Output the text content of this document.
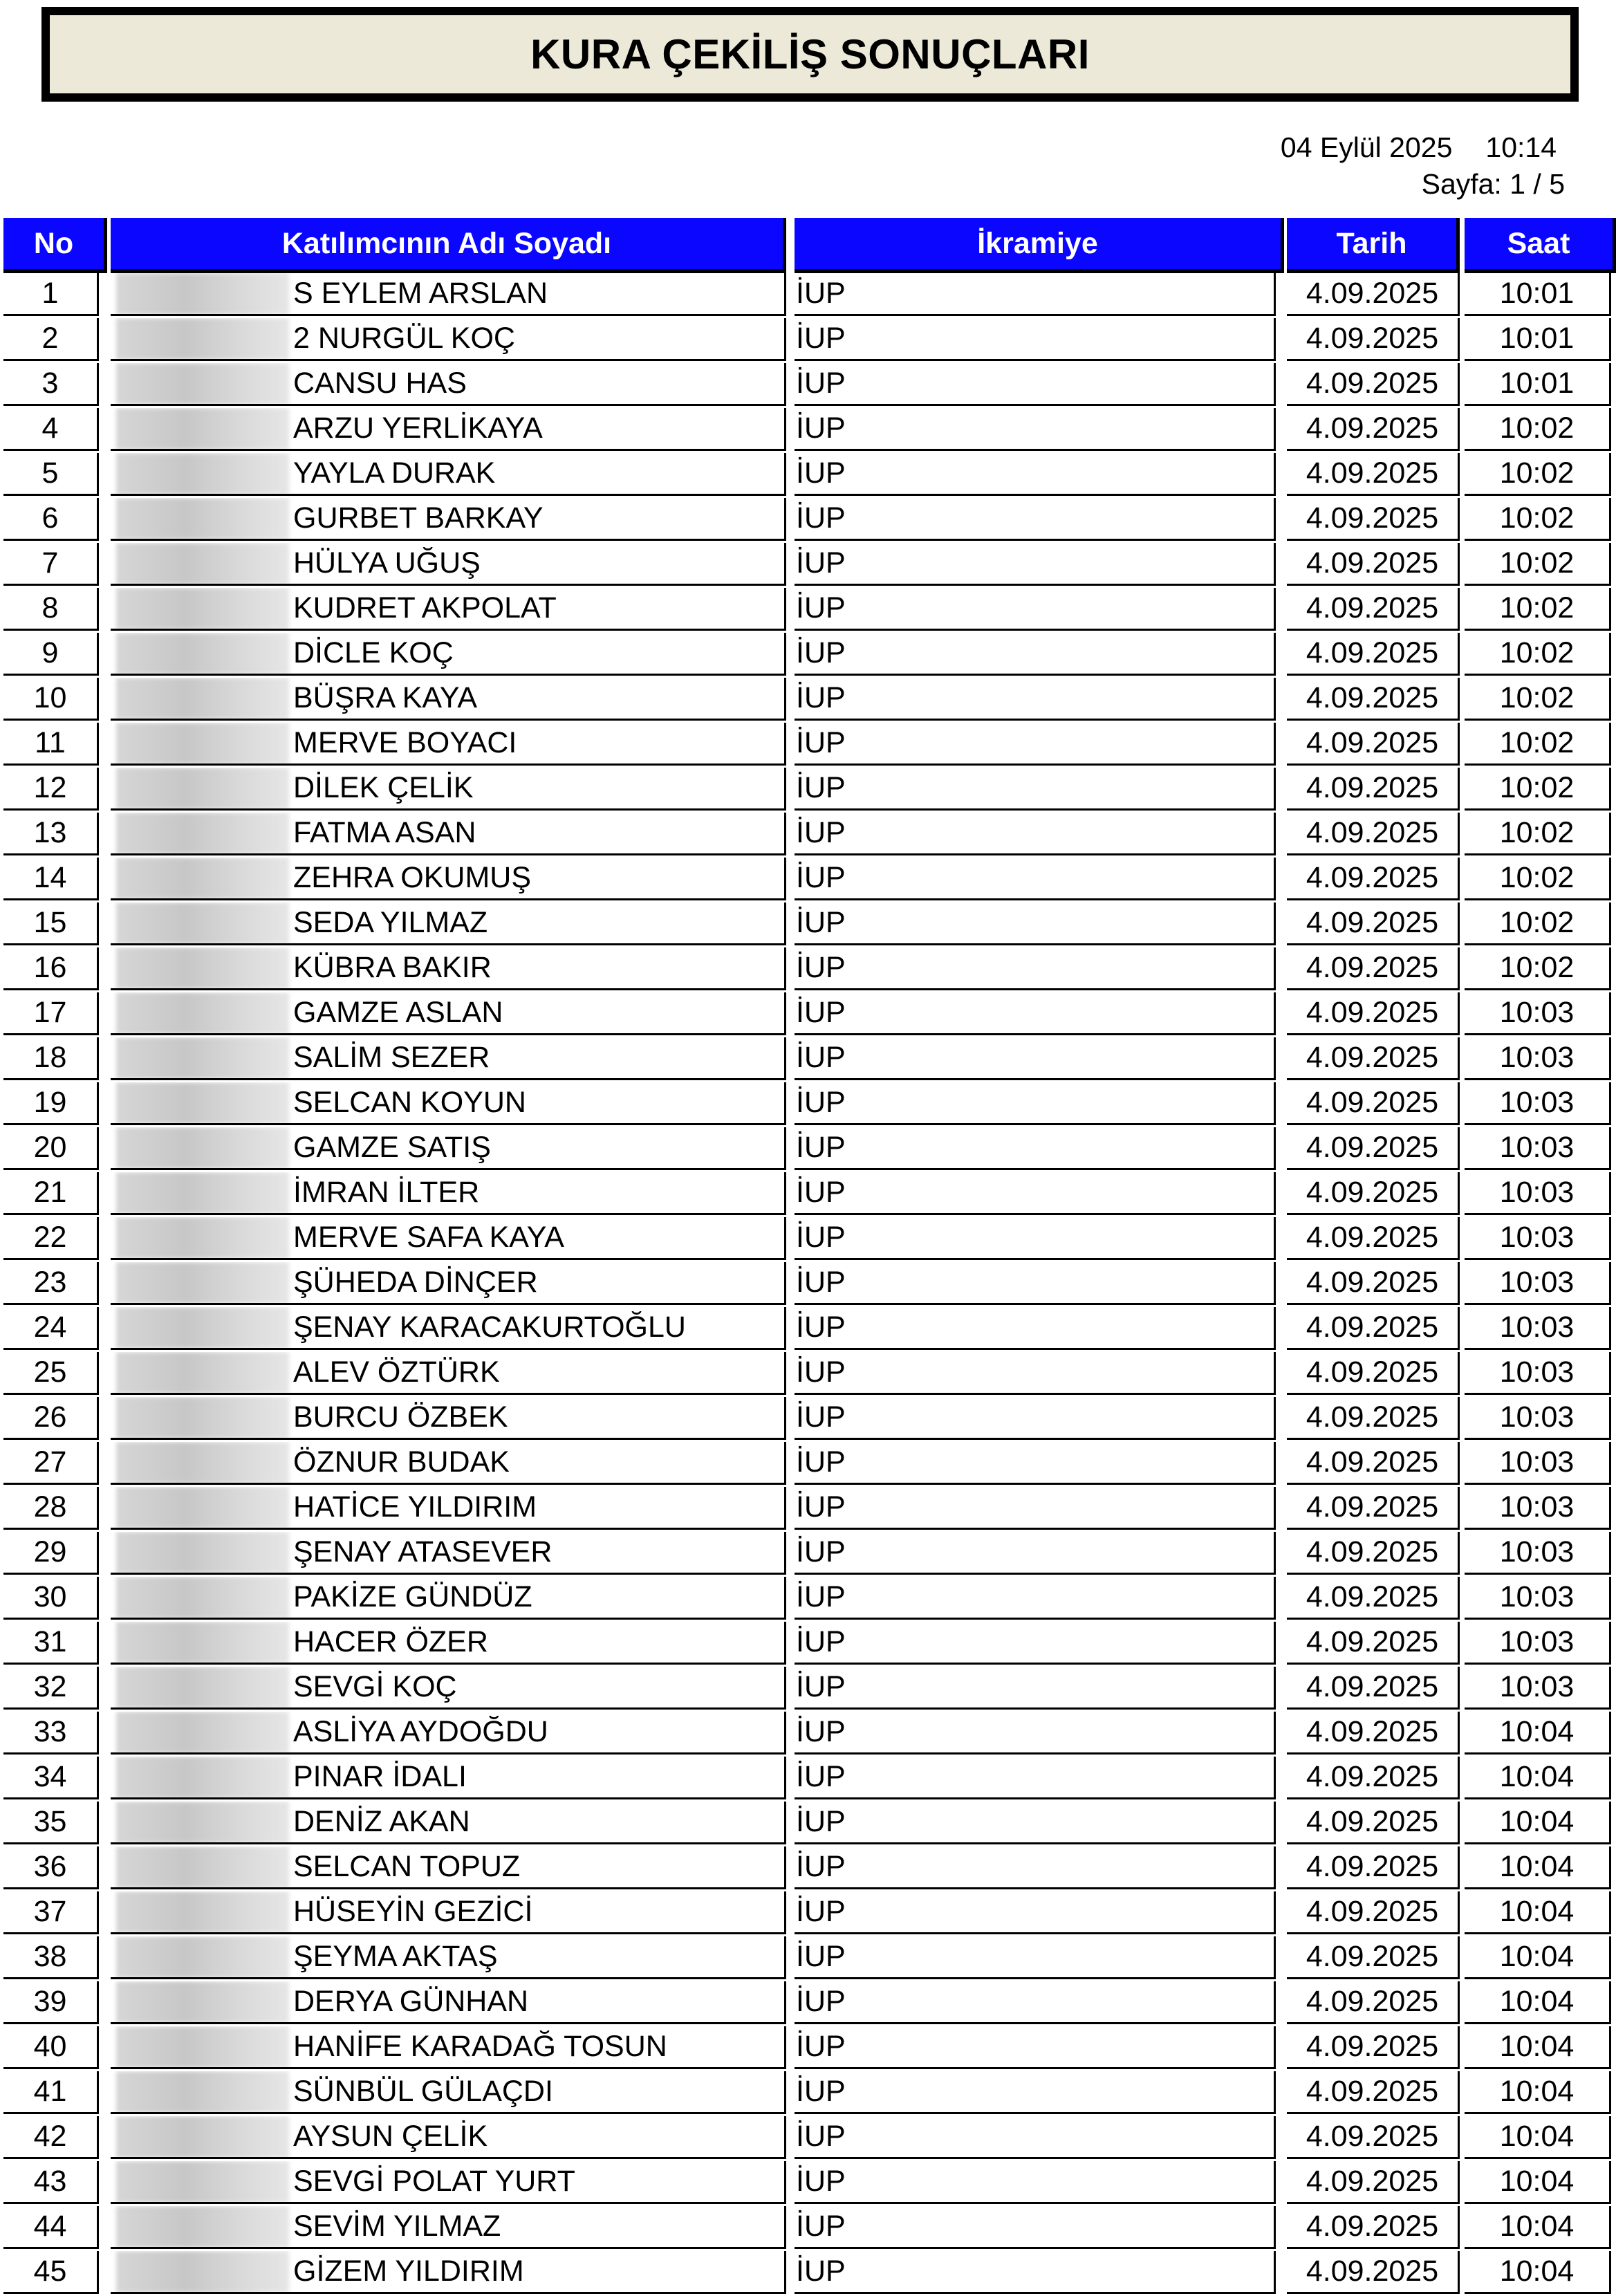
KURA ÇEKİLİŞ SONUÇLARI
04 Eylül 2025 10:14
Sayfa: 1 / 5
No	Katılımcının Adı Soyadı	İkramiye	Tarih	Saat
1	S EYLEM ARSLAN	İUP	4.09.2025	10:01
2	2 NURGÜL KOÇ	İUP	4.09.2025	10:01
3	CANSU HAS	İUP	4.09.2025	10:01
4	ARZU YERLİKAYA	İUP	4.09.2025	10:02
5	YAYLA DURAK	İUP	4.09.2025	10:02
6	GURBET BARKAY	İUP	4.09.2025	10:02
7	HÜLYA UĞUŞ	İUP	4.09.2025	10:02
8	KUDRET AKPOLAT	İUP	4.09.2025	10:02
9	DİCLE KOÇ	İUP	4.09.2025	10:02
10	BÜŞRA KAYA	İUP	4.09.2025	10:02
11	MERVE BOYACI	İUP	4.09.2025	10:02
12	DİLEK ÇELİK	İUP	4.09.2025	10:02
13	FATMA ASAN	İUP	4.09.2025	10:02
14	ZEHRA OKUMUŞ	İUP	4.09.2025	10:02
15	SEDA YILMAZ	İUP	4.09.2025	10:02
16	KÜBRA BAKIR	İUP	4.09.2025	10:02
17	GAMZE ASLAN	İUP	4.09.2025	10:03
18	SALİM SEZER	İUP	4.09.2025	10:03
19	SELCAN KOYUN	İUP	4.09.2025	10:03
20	GAMZE SATIŞ	İUP	4.09.2025	10:03
21	İMRAN İLTER	İUP	4.09.2025	10:03
22	MERVE SAFA KAYA	İUP	4.09.2025	10:03
23	ŞÜHEDA DİNÇER	İUP	4.09.2025	10:03
24	ŞENAY KARACAKURTOĞLU	İUP	4.09.2025	10:03
25	ALEV ÖZTÜRK	İUP	4.09.2025	10:03
26	BURCU ÖZBEK	İUP	4.09.2025	10:03
27	ÖZNUR BUDAK	İUP	4.09.2025	10:03
28	HATİCE YILDIRIM	İUP	4.09.2025	10:03
29	ŞENAY ATASEVER	İUP	4.09.2025	10:03
30	PAKİZE GÜNDÜZ	İUP	4.09.2025	10:03
31	HACER ÖZER	İUP	4.09.2025	10:03
32	SEVGİ KOÇ	İUP	4.09.2025	10:03
33	ASLİYA AYDOĞDU	İUP	4.09.2025	10:04
34	PINAR İDALI	İUP	4.09.2025	10:04
35	DENİZ AKAN	İUP	4.09.2025	10:04
36	SELCAN TOPUZ	İUP	4.09.2025	10:04
37	HÜSEYİN GEZİCİ	İUP	4.09.2025	10:04
38	ŞEYMA AKTAŞ	İUP	4.09.2025	10:04
39	DERYA GÜNHAN	İUP	4.09.2025	10:04
40	HANİFE KARADAĞ TOSUN	İUP	4.09.2025	10:04
41	SÜNBÜL GÜLAÇDI	İUP	4.09.2025	10:04
42	AYSUN ÇELİK	İUP	4.09.2025	10:04
43	SEVGİ POLAT YURT	İUP	4.09.2025	10:04
44	SEVİM YILMAZ	İUP	4.09.2025	10:04
45	GİZEM YILDIRIM	İUP	4.09.2025	10:04
